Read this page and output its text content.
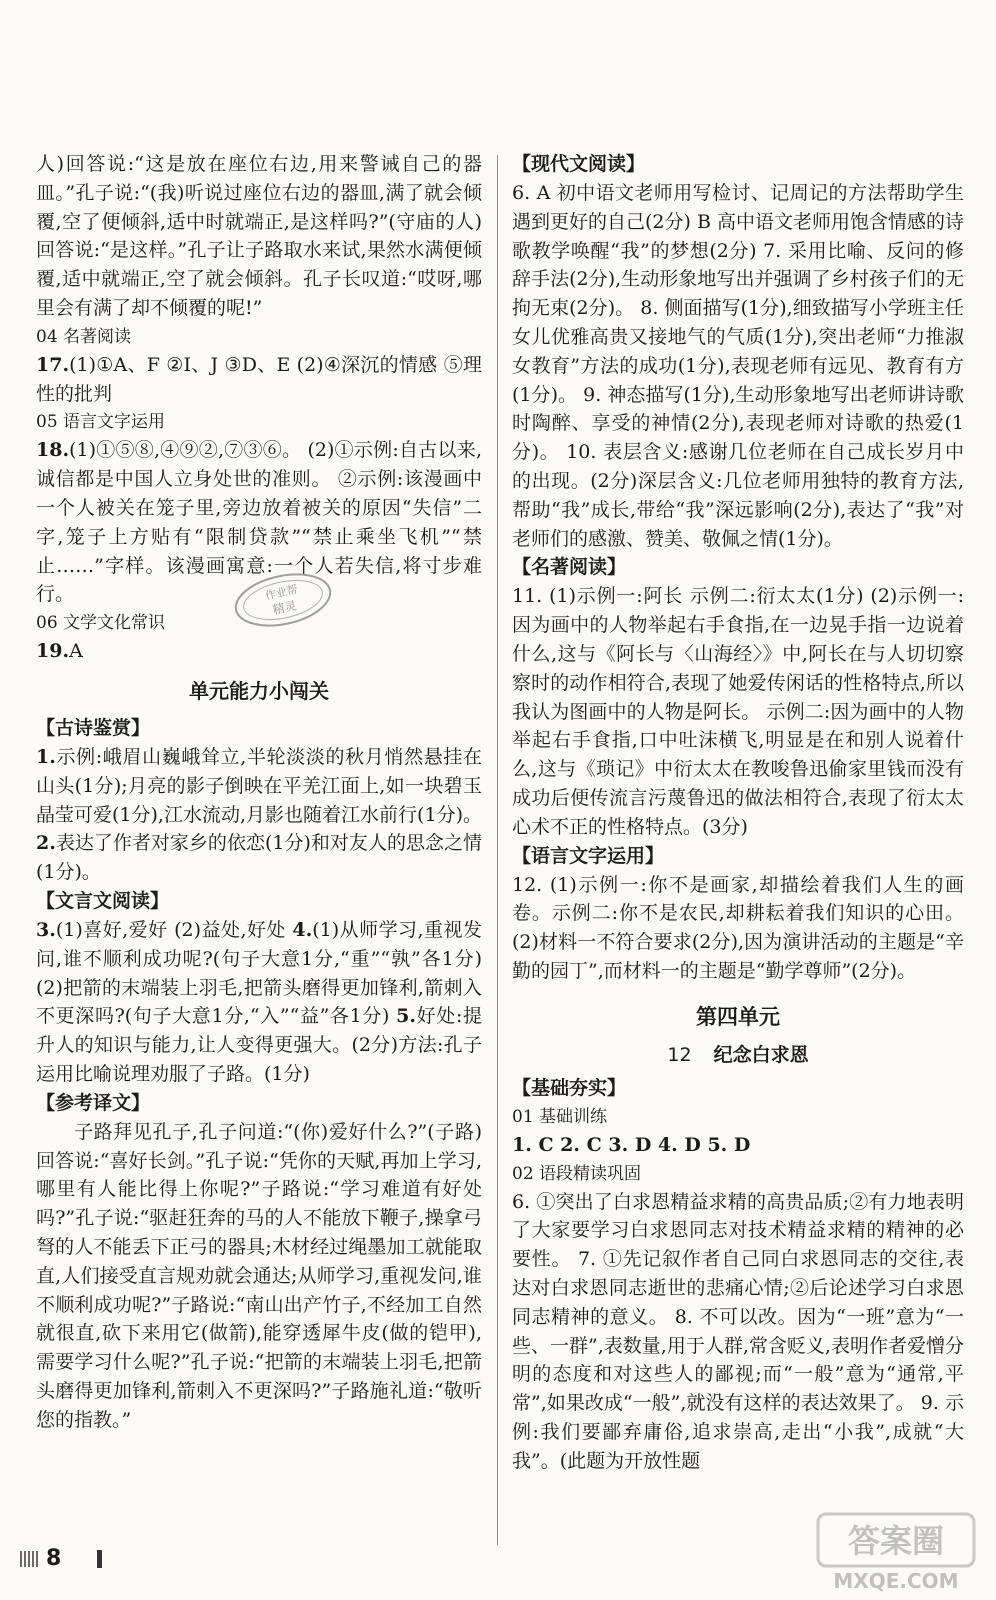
人)回答说:“这是放在座位右边,用来警诫自己的器皿。”孔子说:“(我)听说过座位右边的器皿,满了就会倾覆,空了便倾斜,适中时就端正,是这样吗?”(守庙的人)回答说:“是这样。”孔子让子路取水来试,果然水满便倾覆,适中就端正,空了就会倾斜。孔子长叹道:“哎呀,哪里会有满了却不倾覆的呢!”

04 名著阅读

17.(1)①A、F ②I、J ③D、E (2)④深沉的情感 ⑤理性的批判

05 语言文字运用

18.(1)①⑤⑧,④⑨②,⑦③⑥。 (2)①示例:自古以来,诚信都是中国人立身处世的准则。 ②示例:该漫画中一个人被关在笼子里,旁边放着被关的原因“失信”二字,笼子上方贴有“限制贷款”“禁止乘坐飞机”“禁止……”字样。该漫画寓意:一个人若失信,将寸步难行。

06 文学文化常识

19.A

单元能力小闯关
【古诗鉴赏】

1.示例:峨眉山巍峨耸立,半轮淡淡的秋月悄然悬挂在山头(1分);月亮的影子倒映在平羌江面上,如一块碧玉晶莹可爱(1分),江水流动,月影也随着江水前行(1分)。 2.表达了作者对家乡的依恋(1分)和对友人的思念之情(1分)。

【文言文阅读】

3.(1)喜好,爱好 (2)益处,好处 4.(1)从师学习,重视发问,谁不顺利成功呢?(句子大意1分,“重”“孰”各1分) (2)把箭的末端装上羽毛,把箭头磨得更加锋利,箭刺入不更深吗?(句子大意1分,“入”“益”各1分) 5.好处:提升人的知识与能力,让人变得更强大。(2分)方法:孔子运用比喻说理劝服了子路。(1分)

【参考译文】

子路拜见孔子,孔子问道:“(你)爱好什么?”(子路)回答说:“喜好长剑。”孔子说:“凭你的天赋,再加上学习,哪里有人能比得上你呢?”子路说:“学习难道有好处吗?”孔子说:“驱赶狂奔的马的人不能放下鞭子,操拿弓弩的人不能丢下正弓的器具;木材经过绳墨加工就能取直,人们接受直言规劝就会通达;从师学习,重视发问,谁不顺利成功呢?”子路说:“南山出产竹子,不经加工自然就很直,砍下来用它(做箭),能穿透犀牛皮(做的铠甲),需要学习什么呢?”孔子说:“把箭的末端装上羽毛,把箭头磨得更加锋利,箭刺入不更深吗?”子路施礼道:“敬听您的指教。”

【现代文阅读】

6. A 初中语文老师用写检讨、记周记的方法帮助学生遇到更好的自己(2分) B 高中语文老师用饱含情感的诗歌教学唤醒“我”的梦想(2分) 7. 采用比喻、反问的修辞手法(2分),生动形象地写出并强调了乡村孩子们的无拘无束(2分)。 8. 侧面描写(1分),细致描写小学班主任女儿优雅高贵又接地气的气质(1分),突出老师“力推淑女教育”方法的成功(1分),表现老师有远见、教育有方(1分)。 9. 神态描写(1分),生动形象地写出老师讲诗歌时陶醉、享受的神情(2分),表现老师对诗歌的热爱(1分)。 10. 表层含义:感谢几位老师在自己成长岁月中的出现。(2分)深层含义:几位老师用独特的教育方法,帮助“我”成长,带给“我”深远影响(2分),表达了“我”对老师们的感激、赞美、敬佩之情(1分)。

【名著阅读】

11. (1)示例一:阿长 示例二:衍太太(1分) (2)示例一:因为画中的人物举起右手食指,在一边晃手指一边说着什么,这与《阿长与〈山海经〉》中,阿长在与人切切察察时的动作相符合,表现了她爱传闲话的性格特点,所以我认为图画中的人物是阿长。 示例二:因为画中的人物举起右手食指,口中吐沫横飞,明显是在和别人说着什么,这与《琐记》中衍太太在教唆鲁迅偷家里钱而没有成功后便传流言污蔑鲁迅的做法相符合,表现了衍太太心术不正的性格特点。(3分)

【语言文字运用】

12. (1)示例一:你不是画家,却描绘着我们人生的画卷。示例二:你不是农民,却耕耘着我们知识的心田。 (2)材料一不符合要求(2分),因为演讲活动的主题是“辛勤的园丁”,而材料一的主题是“勤学尊师”(2分)。

第四单元
12 纪念白求恩
【基础夯实】
01 基础训练

1. C 2. C 3. D 4. D 5. D

02 语段精读巩固

6. ①突出了白求恩精益求精的高贵品质;②有力地表明了大家要学习白求恩同志对技术精益求精的精神的必要性。 7. ①先记叙作者自己同白求恩同志的交往,表达对白求恩同志逝世的悲痛心情;②后论述学习白求恩同志精神的意义。 8. 不可以改。因为“一班”意为“一些、一群”,表数量,用于人群,常含贬义,表明作者爱憎分明的态度和对这些人的鄙视;而“一般”意为“通常,平常”,如果改成“一般”,就没有这样的表达效果了。 9. 示例:我们要鄙弃庸俗,追求崇高,走出“小我”,成就“大我”。(此题为开放性题

作业帮
精灵
8	答案圈
MXQE.COM
